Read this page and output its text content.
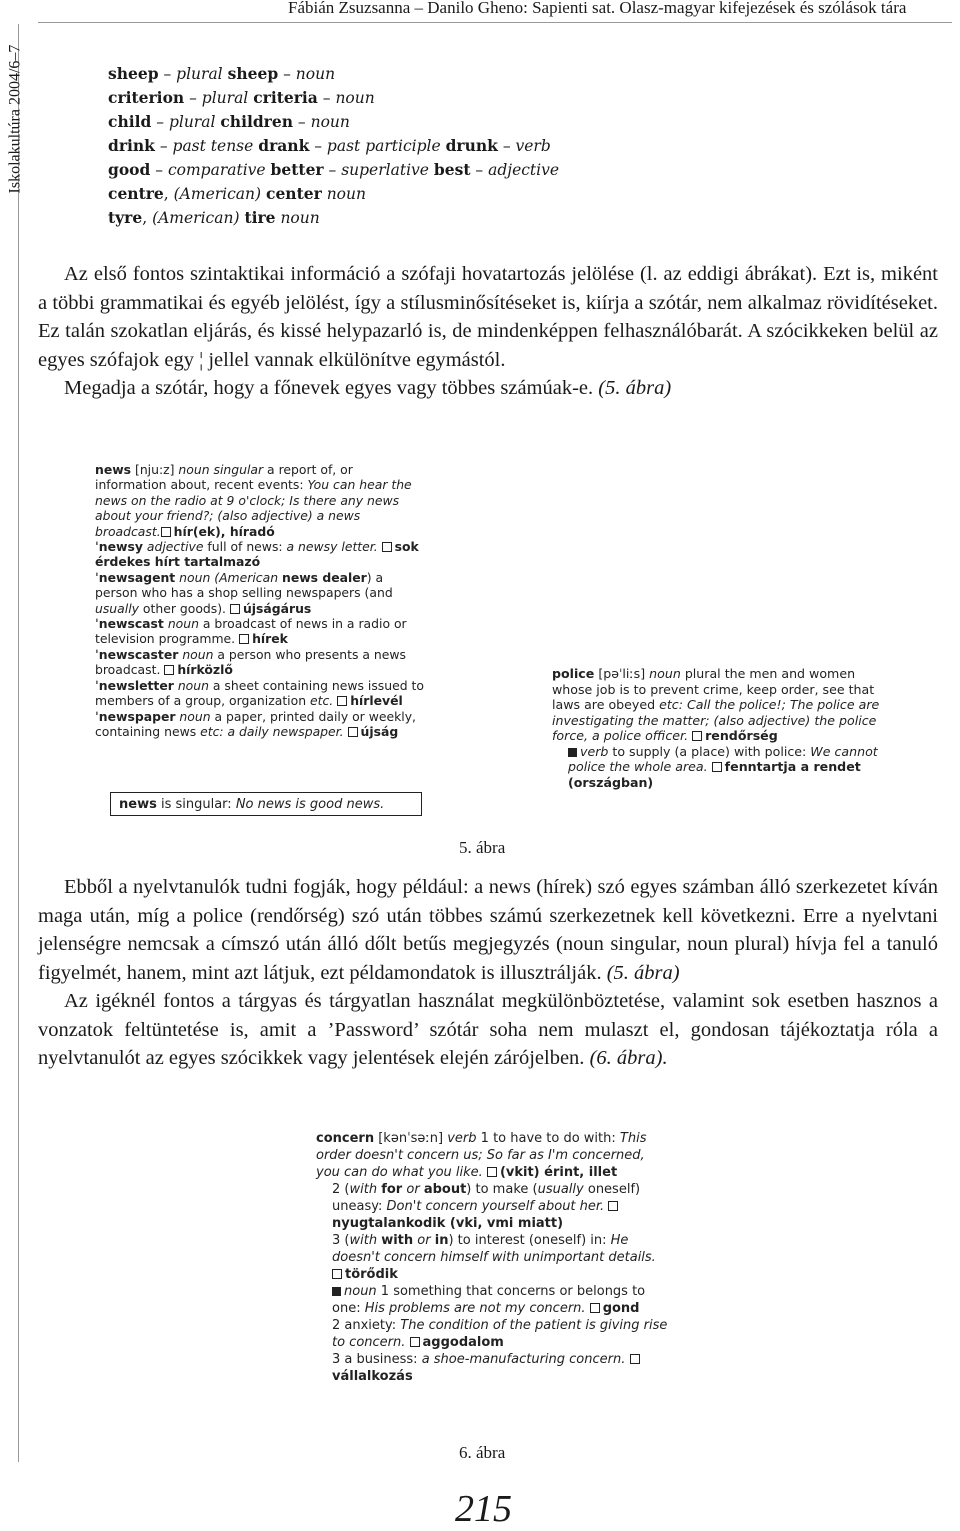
Fábián Zsuzsanna – Danilo Gheno: Sapienti sat. Olasz-magyar kifejezések és szólások tára
Iskolakultúra 2004/6–7	sheep – plural sheep – noun
criterion – plural criteria – noun
child – plural children – noun
drink – past tense drank – past participle drunk – verb
good – comparative better – superlative best – adjective
centre, (American) center noun
tyre, (American) tire noun

Az első fontos szintaktikai információ a szófaji hovatartozás jelölése (l. az eddigi ábrákat). Ezt is, miként a többi grammatikai és egyéb jelölést, így a stílusminősítéseket is, kiírja a szótár, nem alkalmaz rövidítéseket. Ez talán szokatlan eljárás, és kissé helypazarló is, de mindenképpen felhasználóbarát. A szócikkeken belül az egyes szófajok egy ¦ jellel vannak elkülönítve egymástól.

Megadja a szótár, hogy a főnevek egyes vagy többes számúak-e. (5. ábra)

news [nju:z] noun singular a report of, or information about, recent events: You can hear the news on the radio at 9 o'clock; Is there any news about your friend?; (also adjective) a news broadcast. hír(ek), híradó
ˈnewsy adjective full of news: a newsy letter. sok érdekes hírt tartalmazó
ˈnewsagent noun (American news dealer) a person who has a shop selling newspapers (and usually other goods). újságárus
ˈnewscast noun a broadcast of news in a radio or television programme. hírek
ˈnewscaster noun a person who presents a news broadcast. hírközlő
ˈnewsletter noun a sheet containing news issued to members of a group, organization etc. hírlevél
ˈnewspaper noun a paper, printed daily or weekly, containing news etc: a daily newspaper. újság
news is singular: No news is good news.
police [pəˈliːs] noun plural the men and women whose job is to prevent crime, keep order, see that laws are obeyed etc: Call the police!; The police are investigating the matter; (also adjective) the police force, a police officer. rendőrség
verb to supply (a place) with police: We cannot police the whole area. fenntartja a rendet (országban)
5. ábra

Ebből a nyelvtanulók tudni fogják, hogy például: a news (hírek) szó egyes számban álló szerkezetet kíván maga után, míg a police (rendőrség) szó után többes számú szerkezetnek kell következni. Erre a nyelvtani jelenségre nemcsak a címszó után álló dőlt betűs megjegyzés (noun singular, noun plural) hívja fel a tanuló figyelmét, hanem, mint azt látjuk, ezt példamondatok is illusztrálják. (5. ábra)

Az igéknél fontos a tárgyas és tárgyatlan használat megkülönböztetése, valamint sok esetben hasznos a vonzatok feltüntetése is, amit a ’Password’ szótár soha nem mulaszt el, gondosan tájékoztatja róla a nyelvtanulót az egyes szócikkek vagy jelentések elején zárójelben. (6. ábra).

concern [kənˈsəːn] verb 1 to have to do with: This order doesn't concern us; So far as I'm concerned, you can do what you like. (vkit) érint, illet
2 (with for or about) to make (usually oneself) uneasy: Don't concern yourself about her. nyugtalankodik (vki, vmi miatt)
3 (with with or in) to interest (oneself) in: He doesn't concern himself with unimportant details. törődik
noun 1 something that concerns or belongs to one: His problems are not my concern. gond
2 anxiety: The condition of the patient is giving rise to concern. aggodalom
3 a business: a shoe-manufacturing concern. vállalkozás
6. ábra
215
